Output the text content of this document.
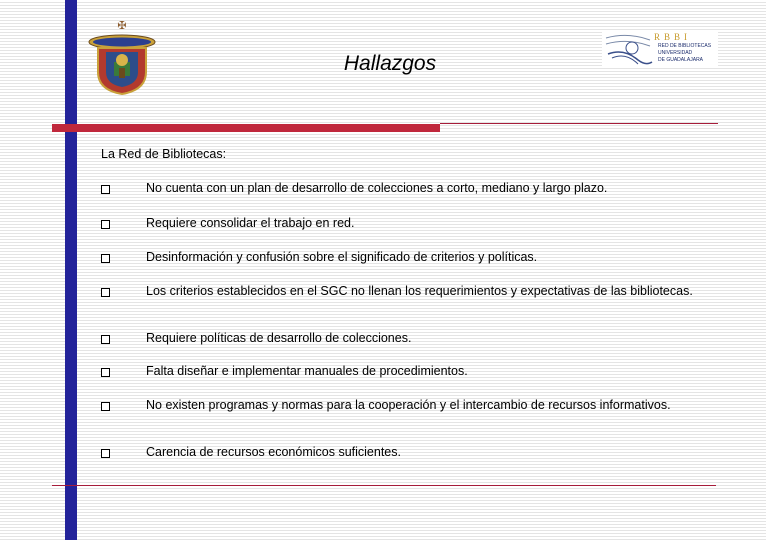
✠
RBBI
RED DE BIBLIOTECAS
UNIVERSIDAD
DE GUADALAJARA
Hallazgos

La Red de Bibliotecas:

No cuenta con un plan de desarrollo de colecciones a corto, mediano y largo plazo.
Requiere consolidar el trabajo en red.
Desinformación y confusión sobre el significado de criterios y políticas.
Los criterios establecidos en el SGC no llenan los requerimientos y expectativas de las bibliotecas.
Requiere políticas de desarrollo de colecciones.
Falta diseñar e implementar manuales de procedimientos.
No existen programas y normas para la cooperación y el intercambio de recursos informativos.
Carencia de recursos económicos suficientes.
